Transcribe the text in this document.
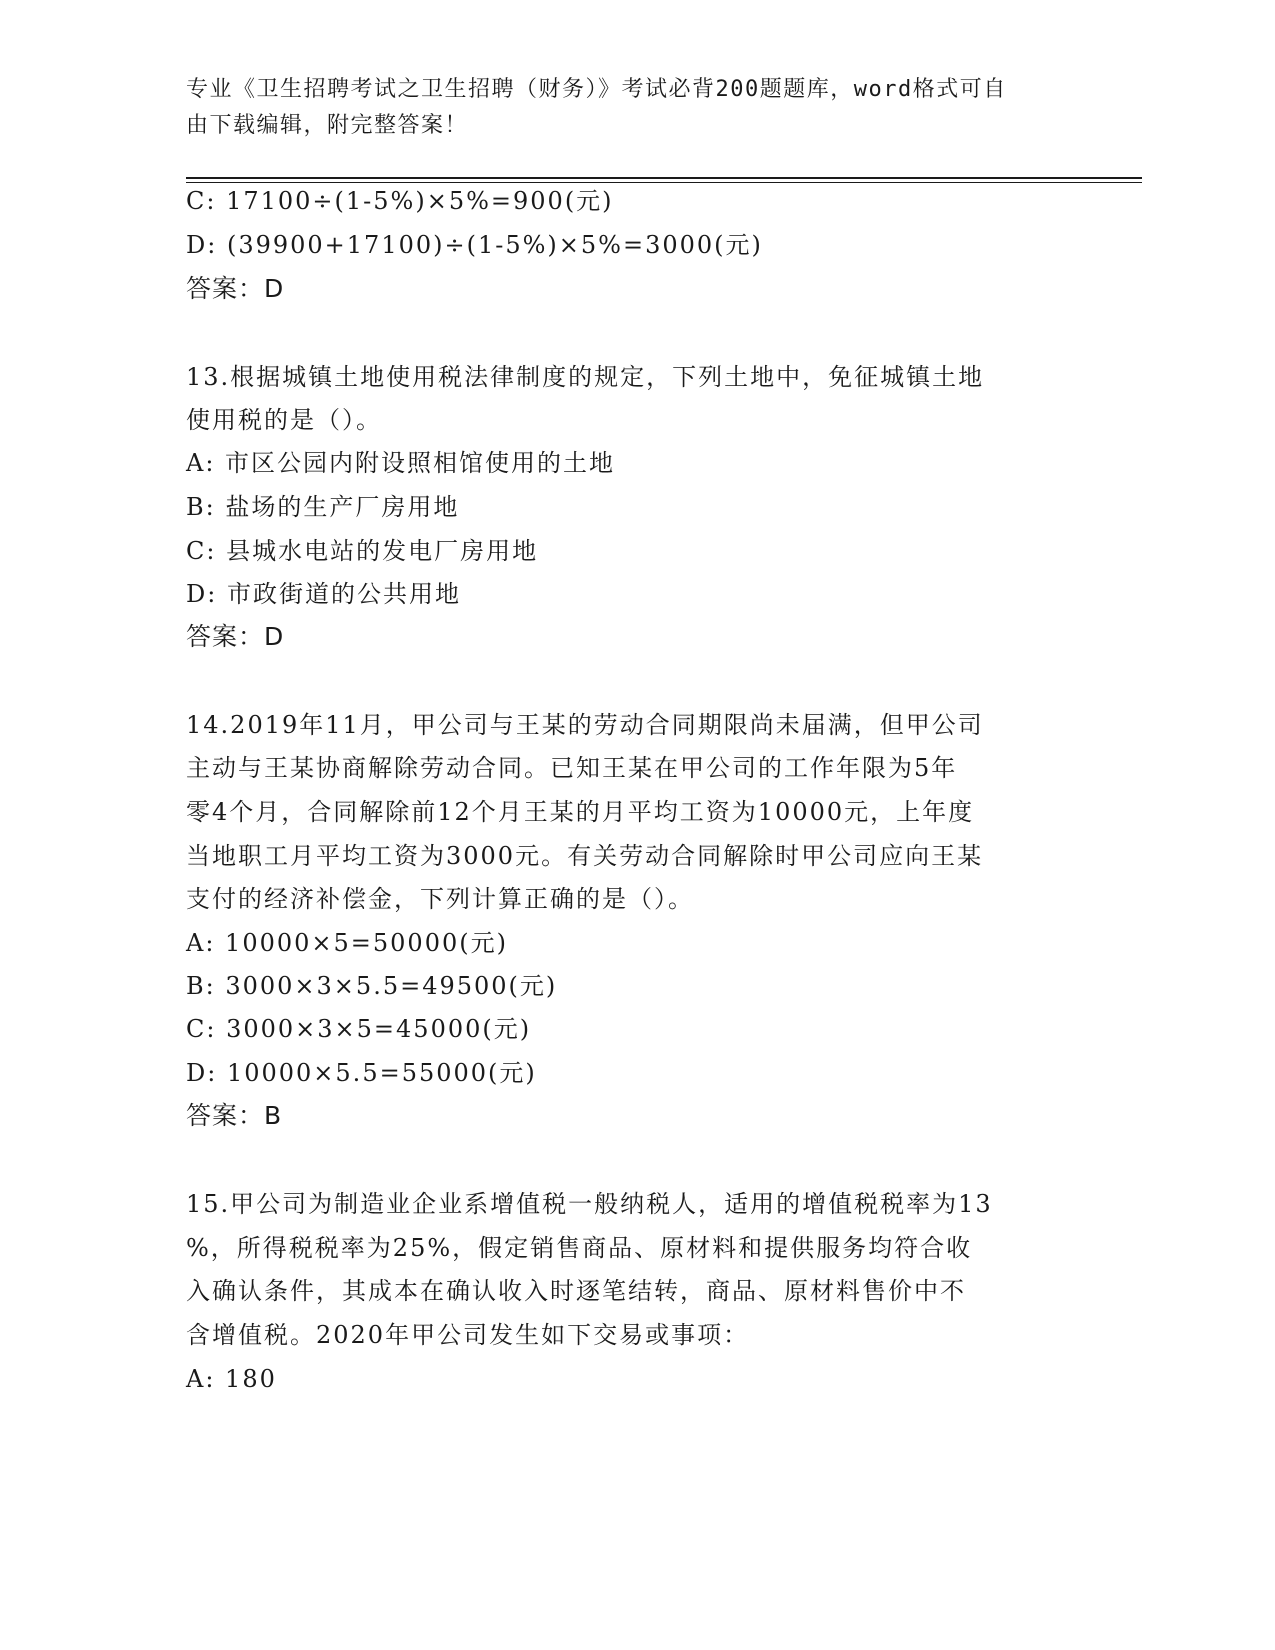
专业《卫生招聘考试之卫生招聘（财务）》考试必背200题题库，word格式可自
由下载编辑，附完整答案！
C: 17100÷(1-5%)×5%=900(元)
D: (39900+17100)÷(1-5%)×5%=3000(元)
答案：D
13.根据城镇土地使用税法律制度的规定，下列土地中，免征城镇土地
使用税的是（）。
A: 市区公园内附设照相馆使用的土地
B: 盐场的生产厂房用地
C: 县城水电站的发电厂房用地
D: 市政街道的公共用地
答案：D
14.2019年11月，甲公司与王某的劳动合同期限尚未届满，但甲公司
主动与王某协商解除劳动合同。已知王某在甲公司的工作年限为5年
零4个月，合同解除前12个月王某的月平均工资为10000元，上年度
当地职工月平均工资为3000元。有关劳动合同解除时甲公司应向王某
支付的经济补偿金，下列计算正确的是（）。
A: 10000×5=50000(元)
B: 3000×3×5.5=49500(元)
C: 3000×3×5=45000(元)
D: 10000×5.5=55000(元)
答案：B
15.甲公司为制造业企业系增值税一般纳税人，适用的增值税税率为13
%，所得税税率为25%，假定销售商品、原材料和提供服务均符合收
入确认条件，其成本在确认收入时逐笔结转，商品、原材料售价中不
含增值税。2020年甲公司发生如下交易或事项：
A: 180
